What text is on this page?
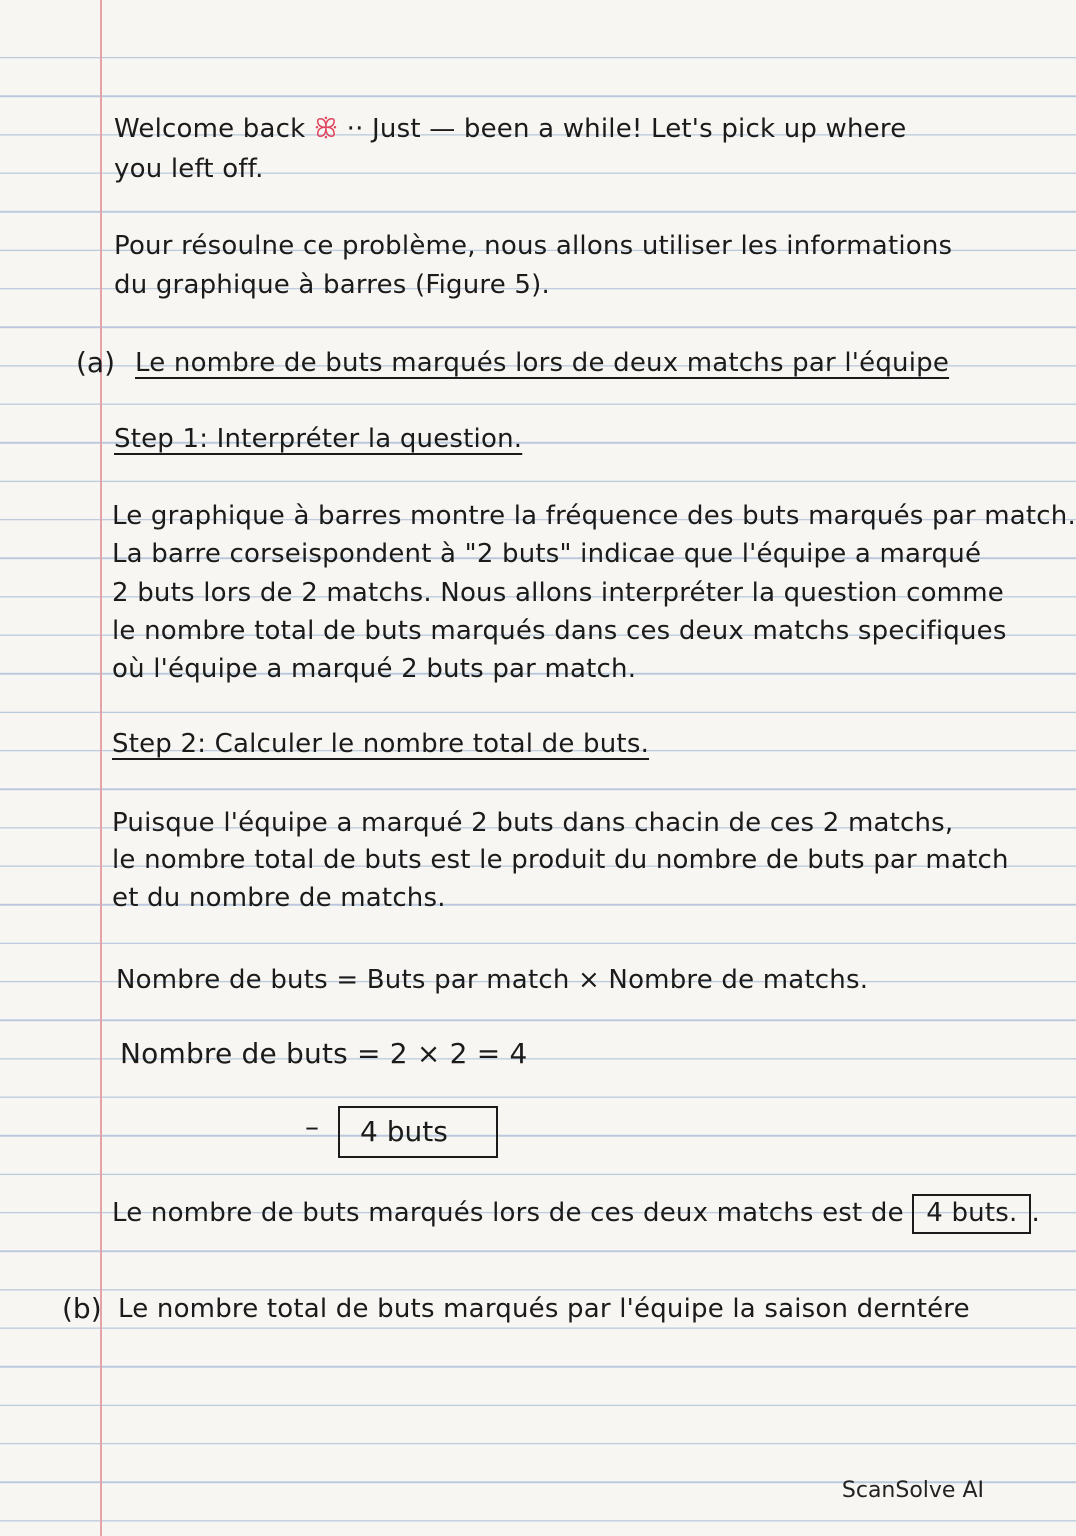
Welcome back ꕥ ·· Just — been a while! Let's pick up where
you left off.
Pour résoulne ce problème, nous allons utiliser les informations
du graphique à barres (Figure 5).
(a) Le nombre de buts marqués lors de deux matchs par l'équipe
Step 1: Interpréter la question.
Le graphique à barres montre la fréquence des buts marqués par match.
La barre corseispondent à "2 buts" indicae que l'équipe a marqué
2 buts lors de 2 matchs. Nous allons interpréter la question comme
le nombre total de buts marqués dans ces deux matchs specifiques
où l'équipe a marqué 2 buts par match.
Step 2: Calculer le nombre total de buts.
Puisque l'équipe a marqué 2 buts dans chacin de ces 2 matchs,
le nombre total de buts est le produit du nombre de buts par match
et du nombre de matchs.
Nombre de buts = Buts par match × Nombre de matchs.
Nombre de buts = 2 × 2 = 4
–	4 buts
Le nombre de buts marqués lors de ces deux matchs est de 4 buts. .
(b) Le nombre total de buts marqués par l'équipe la saison derntére
ScanSolve AI
